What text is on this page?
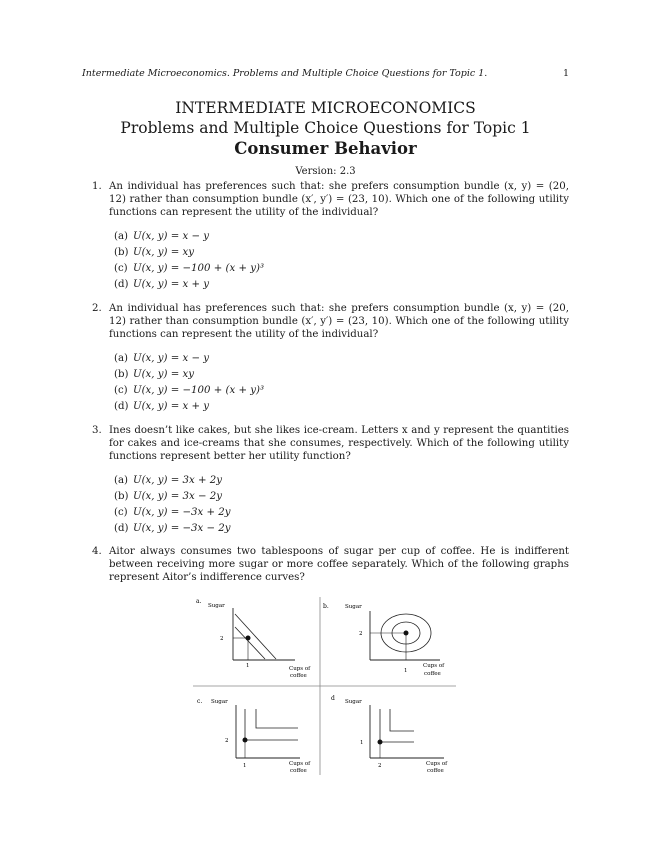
Intermediate Microeconomics. Problems and Multiple Choice Questions for Topic 1.	1
INTERMEDIATE MICROECONOMICS
Problems and Multiple Choice Questions for Topic 1
Consumer Behavior
Version: 2.3
1. An individual has preferences such that: she prefers consumption bundle (x, y) = (20, 12) rather than consumption bundle (x′, y′) = (23, 10). Which one of the following utility functions can represent the utility of the individual?
(a) U(x, y) = x − y
(b) U(x, y) = xy
(c) U(x, y) = −100 + (x + y)³
(d) U(x, y) = x + y
2. An individual has preferences such that: she prefers consumption bundle (x, y) = (20, 12) rather than consumption bundle (x′, y′) = (23, 10). Which one of the following utility functions can represent the utility of the individual?
(a) U(x, y) = x − y
(b) U(x, y) = xy
(c) U(x, y) = −100 + (x + y)³
(d) U(x, y) = x + y
3. Ines doesn’t like cakes, but she likes ice-cream. Letters x and y represent the quantities for cakes and ice-creams that she consumes, respectively. Which of the following utility functions represent better her utility function?
(a) U(x, y) = 3x + 2y
(b) U(x, y) = 3x − 2y
(c) U(x, y) = −3x + 2y
(d) U(x, y) = −3x − 2y
4. Aitor always consumes two tablespoons of sugar per cup of coffee. He is indifferent between receiving more sugar or more coffee separately. Which of the following graphs represent Aitor’s indifference curves?
a.
Sugar
2
1	Cups of
coffee
b.	Sugar
2
1
Cups of
coffee
c. Sugar
2
1	Cups of
coffee
d Sugar
1
2	Cups of
coffee
